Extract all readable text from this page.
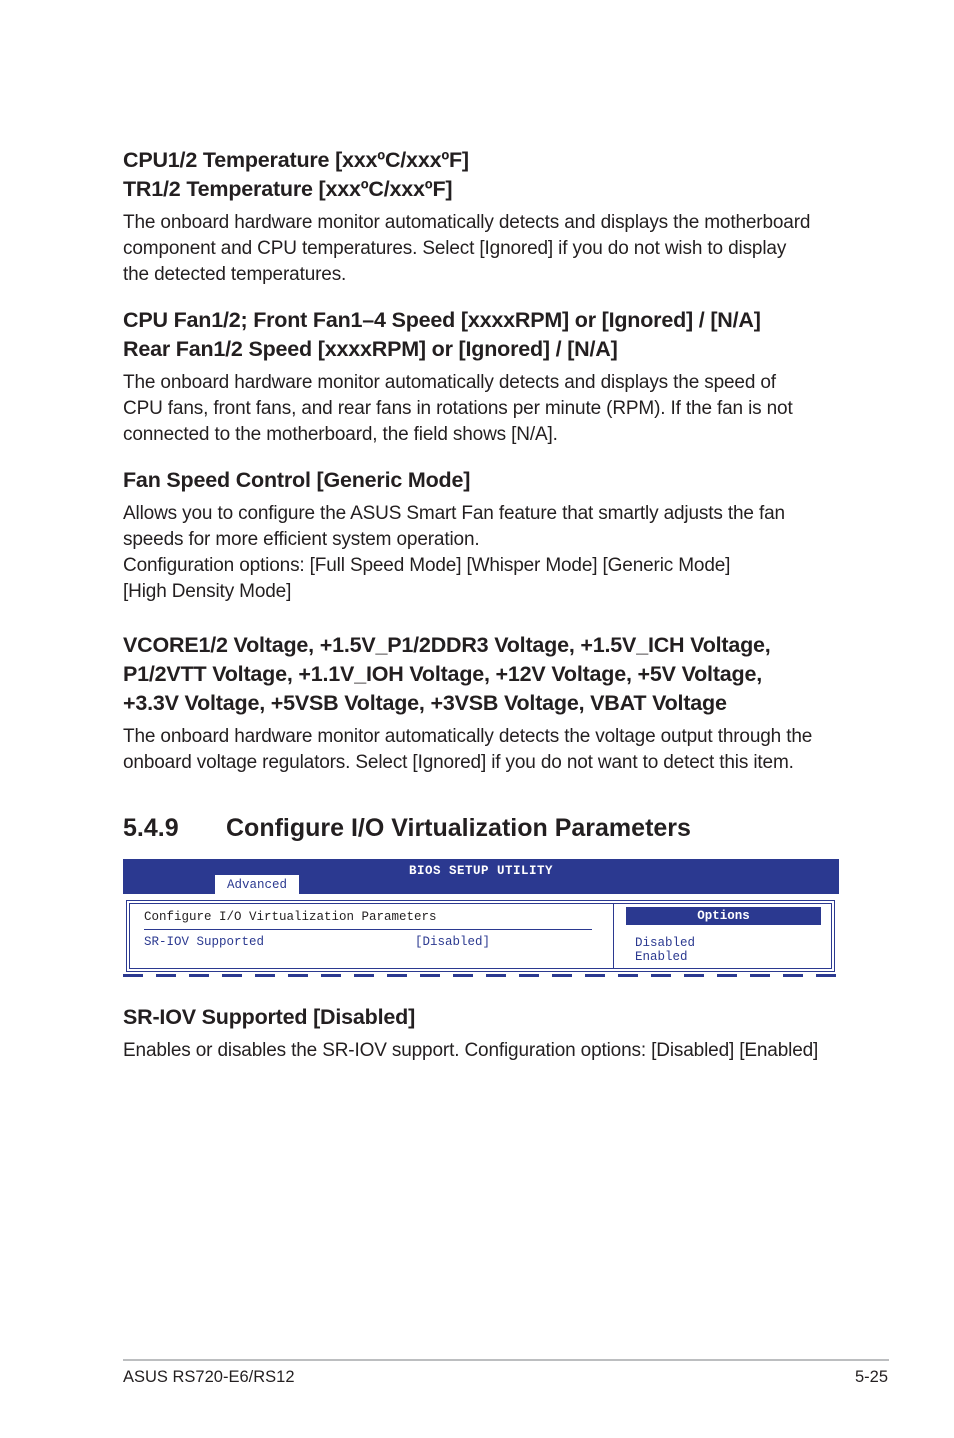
CPU1/2 Temperature [xxxºC/xxxºF]
TR1/2 Temperature [xxxºC/xxxºF]

The onboard hardware monitor automatically detects and displays the motherboard
component and CPU temperatures. Select [Ignored] if you do not wish to display
the detected temperatures.

CPU Fan1/2; Front Fan1–4 Speed [xxxxRPM] or [Ignored] / [N/A]
Rear Fan1/2 Speed [xxxxRPM] or [Ignored] / [N/A]

The onboard hardware monitor automatically detects and displays the speed of
CPU fans, front fans, and rear fans in rotations per minute (RPM). If the fan is not
connected to the motherboard, the field shows [N/A].

Fan Speed Control [Generic Mode]

Allows you to configure the ASUS Smart Fan feature that smartly adjusts the fan
speeds for more efficient system operation.
Configuration options: [Full Speed Mode] [Whisper Mode] [Generic Mode]
[High Density Mode]

VCORE1/2 Voltage, +1.5V_P1/2DDR3 Voltage, +1.5V_ICH Voltage,
P1/2VTT Voltage, +1.1V_IOH Voltage, +12V Voltage, +5V Voltage,
+3.3V Voltage, +5VSB Voltage, +3VSB Voltage, VBAT Voltage

The onboard hardware monitor automatically detects the voltage output through the
onboard voltage regulators. Select [Ignored] if you do not want to detect this item.

5.4.9 Configure I/O Virtualization Parameters
BIOS SETUP UTILITY
Advanced
Configure I/O Virtualization Parameters
SR-IOV Supported	[Disabled]
Options
Disabled
Enabled
SR-IOV Supported [Disabled]

Enables or disables the SR-IOV support. Configuration options: [Disabled] [Enabled]

ASUS RS720-E6/RS12	5-25
